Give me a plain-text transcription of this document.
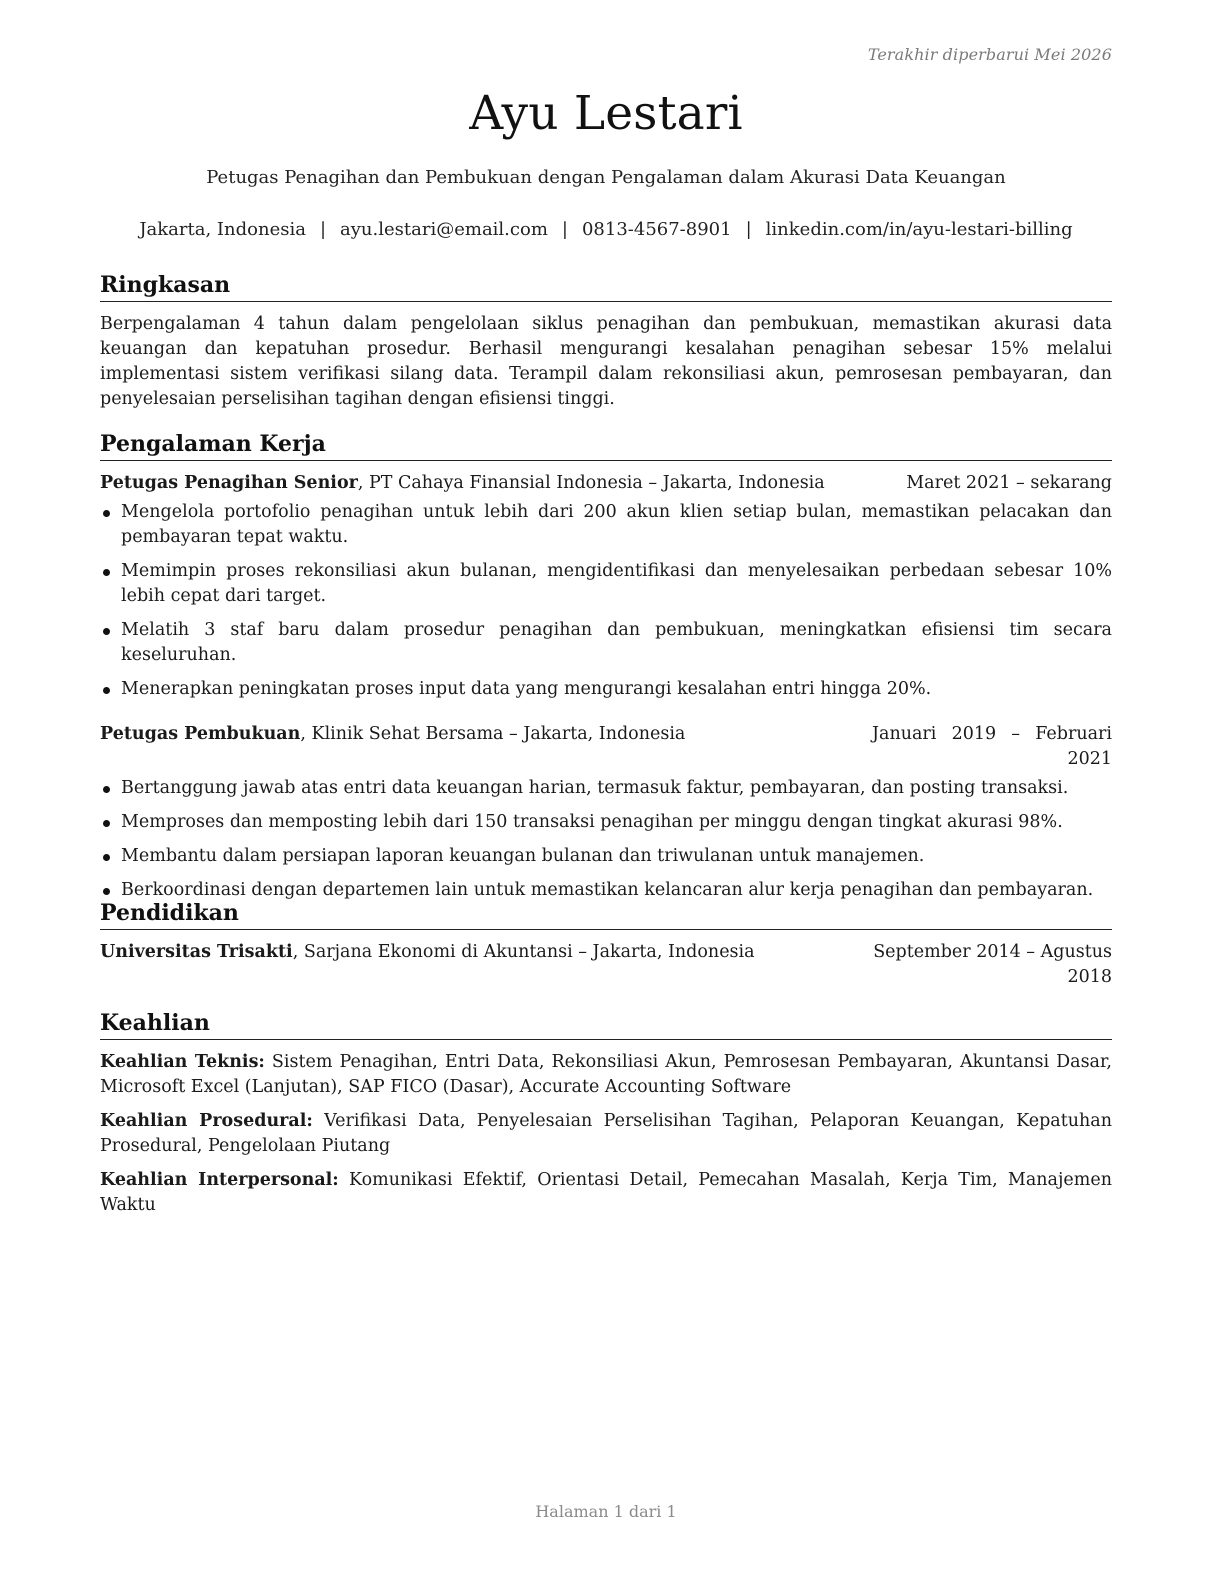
Terakhir diperbarui Mei 2026
Ayu Lestari
Petugas Penagihan dan Pembukuan dengan Pengalaman dalam Akurasi Data Keuangan
Jakarta, Indonesia | ayu.lestari@email.com | 0813-4567-8901 | linkedin.com/in/ayu-lestari-billing
Ringkasan
Berpengalaman 4 tahun dalam pengelolaan siklus penagihan dan pembukuan, memastikan akurasi data keuangan dan kepatuhan prosedur. Berhasil mengurangi kesalahan penagihan sebesar 15% melalui implementasi sistem verifikasi silang data. Terampil dalam rekonsiliasi akun, pemrosesan pembayaran, dan penyelesaian perselisihan tagihan dengan efisiensi tinggi.
Pengalaman Kerja
Petugas Penagihan Senior, PT Cahaya Finansial Indonesia – Jakarta, Indonesia	Maret 2021 – sekarang
Mengelola portofolio penagihan untuk lebih dari 200 akun klien setiap bulan, memastikan pelacakan dan pembayaran tepat waktu.
Memimpin proses rekonsiliasi akun bulanan, mengidentifikasi dan menyelesaikan perbedaan sebesar 10% lebih cepat dari target.
Melatih 3 staf baru dalam prosedur penagihan dan pembukuan, meningkatkan efisiensi tim secara keseluruhan.
Menerapkan peningkatan proses input data yang mengurangi kesalahan entri hingga 20%.
Petugas Pembukuan, Klinik Sehat Bersama – Jakarta, Indonesia	Januari 2019 – Februari 2021
Bertanggung jawab atas entri data keuangan harian, termasuk faktur, pembayaran, dan posting transaksi.
Memproses dan memposting lebih dari 150 transaksi penagihan per minggu dengan tingkat akurasi 98%.
Membantu dalam persiapan laporan keuangan bulanan dan triwulanan untuk manajemen.
Berkoordinasi dengan departemen lain untuk memastikan kelancaran alur kerja penagihan dan pembayaran.
Pendidikan
Universitas Trisakti, Sarjana Ekonomi di Akuntansi – Jakarta, Indonesia	September 2014 – Agustus 2018
Keahlian
Keahlian Teknis: Sistem Penagihan, Entri Data, Rekonsiliasi Akun, Pemrosesan Pembayaran, Akuntansi Dasar, Microsoft Excel (Lanjutan), SAP FICO (Dasar), Accurate Accounting Software
Keahlian Prosedural: Verifikasi Data, Penyelesaian Perselisihan Tagihan, Pelaporan Keuangan, Kepatuhan Prosedural, Pengelolaan Piutang
Keahlian Interpersonal: Komunikasi Efektif, Orientasi Detail, Pemecahan Masalah, Kerja Tim, Manajemen Waktu
Halaman 1 dari 1
